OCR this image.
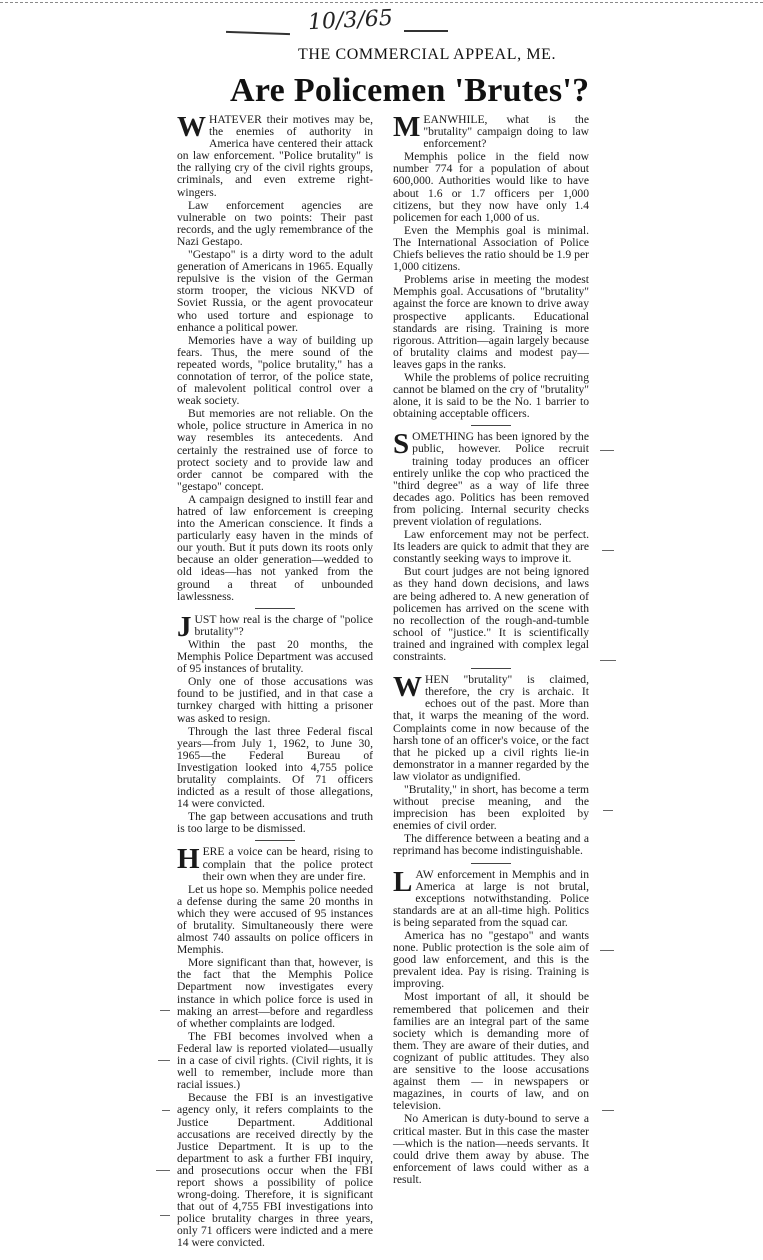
10/3/65
THE COMMERCIAL APPEAL, ME.
Are Policemen 'Brutes'?

WHATEVER their motives may be, the enemies of authority in America have centered their attack on law enforcement. "Police brutality" is the rallying cry of the civil rights groups, criminals, and even extreme right-wingers.

Law enforcement agencies are vulnerable on two points: Their past records, and the ugly remembrance of the Nazi Gestapo.

"Gestapo" is a dirty word to the adult generation of Americans in 1965. Equally repulsive is the vision of the German storm trooper, the vicious NKVD of Soviet Russia, or the agent provocateur who used torture and espionage to enhance a political power.

Memories have a way of building up fears. Thus, the mere sound of the repeated words, "police brutality," has a connotation of terror, of the police state, of malevolent political control over a weak society.

But memories are not reliable. On the whole, police structure in America in no way resembles its antecedents. And certainly the restrained use of force to protect society and to provide law and order cannot be compared with the "gestapo" concept.

A campaign designed to instill fear and hatred of law enforcement is creeping into the American conscience. It finds a particularly easy haven in the minds of our youth. But it puts down its roots only because an older generation—wedded to old ideas—has not yanked from the ground a threat of unbounded lawlessness.

JUST how real is the charge of "police brutality"?

Within the past 20 months, the Memphis Police Department was accused of 95 instances of brutality.

Only one of those accusations was found to be justified, and in that case a turnkey charged with hitting a prisoner was asked to resign.

Through the last three Federal fiscal years—from July 1, 1962, to June 30, 1965—the Federal Bureau of Investigation looked into 4,755 police brutality complaints. Of 71 officers indicted as a result of those allegations, 14 were convicted.

The gap between accusations and truth is too large to be dismissed.

HERE a voice can be heard, rising to complain that the police protect their own when they are under fire.

Let us hope so. Memphis police needed a defense during the same 20 months in which they were accused of 95 instances of brutality. Simultaneously there were almost 740 assaults on police officers in Memphis.

More significant than that, however, is the fact that the Memphis Police Department now investigates every instance in which police force is used in making an arrest—before and regardless of whether complaints are lodged.

The FBI becomes involved when a Federal law is reported violated—usually in a case of civil rights. (Civil rights, it is well to remember, include more than racial issues.)

Because the FBI is an investigative agency only, it refers complaints to the Justice Department. Additional accusations are received directly by the Justice Department. It is up to the department to ask a further FBI inquiry, and prosecutions occur when the FBI report shows a possibility of police wrong-doing. Therefore, it is significant that out of 4,755 FBI investigations into police brutality charges in three years, only 71 officers were indicted and a mere 14 were convicted.

MEANWHILE, what is the "brutality" campaign doing to law enforcement?

Memphis police in the field now number 774 for a population of about 600,000. Authorities would like to have about 1.6 or 1.7 officers per 1,000 citizens, but they now have only 1.4 policemen for each 1,000 of us.

Even the Memphis goal is minimal. The International Association of Police Chiefs believes the ratio should be 1.9 per 1,000 citizens.

Problems arise in meeting the modest Memphis goal. Accusations of "brutality" against the force are known to drive away prospective applicants. Educational standards are rising. Training is more rigorous. Attrition—again largely because of brutality claims and modest pay—leaves gaps in the ranks.

While the problems of police recruiting cannot be blamed on the cry of "brutality" alone, it is said to be the No. 1 barrier to obtaining acceptable officers.

SOMETHING has been ignored by the public, however. Police recruit training today produces an officer entirely unlike the cop who practiced the "third degree" as a way of life three decades ago. Politics has been removed from policing. Internal security checks prevent violation of regulations.

Law enforcement may not be perfect. Its leaders are quick to admit that they are constantly seeking ways to improve it.

But court judges are not being ignored as they hand down decisions, and laws are being adhered to. A new generation of policemen has arrived on the scene with no recollection of the rough-and-tumble school of "justice." It is scientifically trained and ingrained with complex legal constraints.

WHEN "brutality" is claimed, therefore, the cry is archaic. It echoes out of the past. More than that, it warps the meaning of the word. Complaints come in now because of the harsh tone of an officer's voice, or the fact that he picked up a civil rights lie-in demonstrator in a manner regarded by the law violator as undignified.

"Brutality," in short, has become a term without precise meaning, and the imprecision has been exploited by enemies of civil order.

The difference between a beating and a reprimand has become indistinguishable.

LAW enforcement in Memphis and in America at large is not brutal, exceptions notwithstanding. Police standards are at an all-time high. Politics is being separated from the squad car.

America has no "gestapo" and wants none. Public protection is the sole aim of good law enforcement, and this is the prevalent idea. Pay is rising. Training is improving.

Most important of all, it should be remembered that policemen and their families are an integral part of the same society which is demanding more of them. They are aware of their duties, and cognizant of public attitudes. They also are sensitive to the loose accusations against them — in newspapers or magazines, in courts of law, and on television.

No American is duty-bound to serve a critical master. But in this case the master—which is the nation—needs servants. It could drive them away by abuse. The enforcement of laws could wither as a result.
